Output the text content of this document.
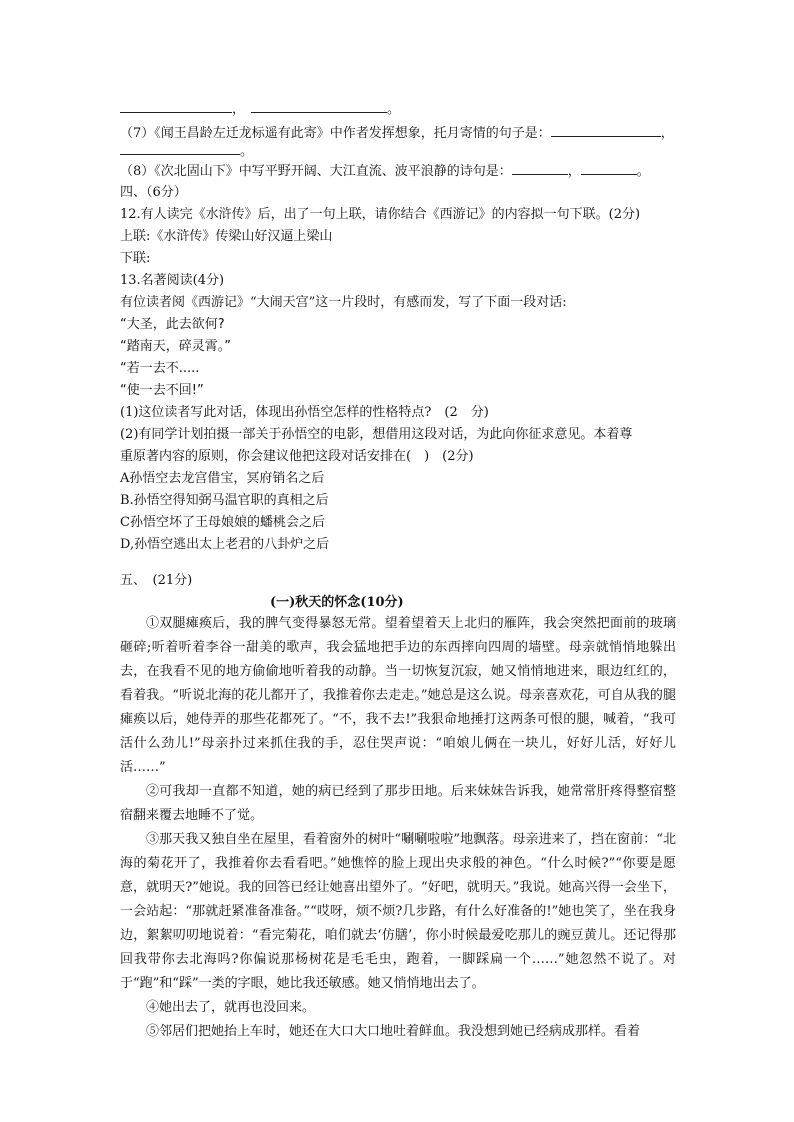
，	。
（7）《闻王昌龄左迁龙标遥有此寄》中作者发挥想象，托月寄情的句子是：	，
。
（8）《次北固山下》中写平野开阔、大江直流、波平浪静的诗句是：	，	。
四、（6分）
12.有人读完《水浒传》后，出了一句上联，请你结合《西游记》的内容拟一句下联。(2分)
上联:《水浒传》传梁山好汉逼上梁山
下联:
13.名著阅读(4分)
有位读者阅《西游记》“大闹天宫”这一片段时，有感而发，写了下面一段对话:
“大圣，此去欲何?
“踏南天，碎灵霄。”
“若一去不.....
“使一去不回!”
(1)这位读者写此对话，体现出孙悟空怎样的性格特点?　(2　分)
(2)有同学计划拍摄一部关于孙悟空的电影，想借用这段对话，为此向你征求意见。本着尊
重原著内容的原则，你会建议他把这段对话安排在(　)　(2分)
A孙悟空去龙宫借宝，冥府销名之后
B.孙悟空得知弼马温官职的真相之后
C孙悟空坏了王母娘娘的蟠桃会之后
D,孙悟空逃出太上老君的八卦炉之后
五、　(21分)
(一)秋天的怀念(10分)
①双腿瘫痪后，我的脾气变得暴怒无常。望着望着天上北归的雁阵，我会突然把面前的玻璃砸碎;听着听着李谷一甜美的歌声，我会猛地把手边的东西摔向四周的墙壁。母亲就悄悄地躲出去，在我看不见的地方偷偷地听着我的动静。当一切恢复沉寂，她又悄悄地进来，眼边红红的，看着我。“听说北海的花儿都开了，我推着你去走走。”她总是这么说。母亲喜欢花，可自从我的腿瘫痪以后，她侍弄的那些花都死了。“不，我不去!”我狠命地捶打这两条可恨的腿，喊着，“我可活什么劲儿!”母亲扑过来抓住我的手，忍住哭声说：“咱娘儿俩在一块儿，好好儿活，好好儿活……”
②可我却一直都不知道，她的病已经到了那步田地。后来妹妹告诉我，她常常肝疼得整宿整宿翻来覆去地睡不了觉。
③那天我又独自坐在屋里，看着窗外的树叶“唰唰啦啦”地飘落。母亲进来了，挡在窗前：“北海的菊花开了，我推着你去看看吧。”她憔悴的脸上现出央求般的神色。“什么时候?”“你要是愿意，就明天?”她说。我的回答已经让她喜出望外了。“好吧，就明天。”我说。她高兴得一会坐下，一会站起：“那就赶紧准备准备。”“哎呀，烦不烦?几步路，有什么好准备的!”她也笑了，坐在我身边，絮絮叨叨地说着：“看完菊花，咱们就去‘仿膳’，你小时候最爱吃那儿的豌豆黄儿。还记得那回我带你去北海吗?你偏说那杨树花是毛毛虫，跑着，一脚踩扁一个……”她忽然不说了。对于“跑”和“踩”一类的字眼，她比我还敏感。她又悄悄地出去了。
④她出去了，就再也没回来。
⑤邻居们把她抬上车时，她还在大口大口地吐着鲜血。我没想到她已经病成那样。看着
